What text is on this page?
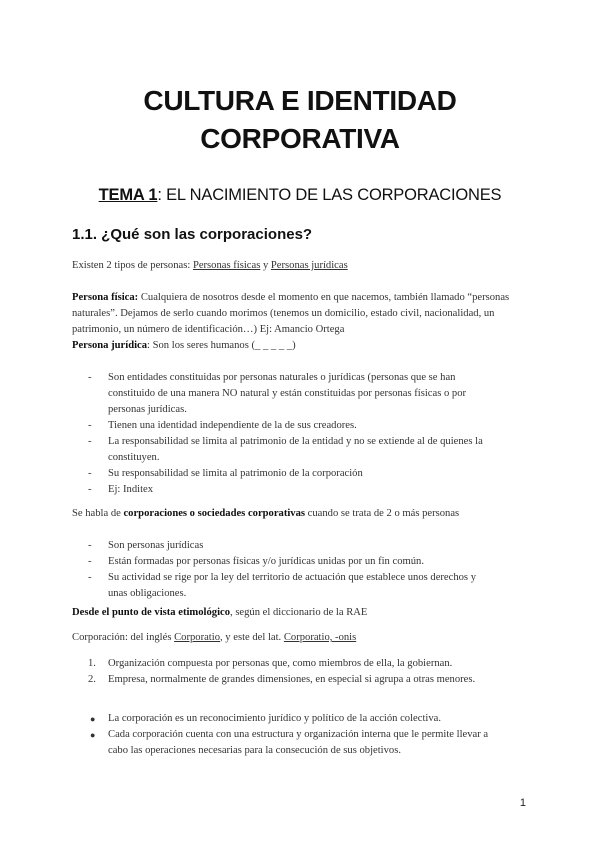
CULTURA E IDENTIDAD
CORPORATIVA
TEMA 1: EL NACIMIENTO DE LAS CORPORACIONES
1.1. ¿Qué son las corporaciones?
Existen 2 tipos de personas: Personas físicas y Personas jurídicas
Persona física: Cualquiera de nosotros desde el momento en que nacemos, también llamado “personas naturales”. Dejamos de serlo cuando morimos (tenemos un domicilio, estado civil, nacionalidad, un patrimonio, un número de identificación…) Ej: Amancio Ortega
Persona jurídica: Son los seres humanos (_ _ _ _ _)
- Son entidades constituidas por personas naturales o jurídicas (personas que se han constituido de una manera NO natural y están constituidas por personas físicas o por personas jurídicas.
- Tienen una identidad independiente de la de sus creadores.
- La responsabilidad se limita al patrimonio de la entidad y no se extiende al de quienes la constituyen.
- Su responsabilidad se limita al patrimonio de la corporación
- Ej: Inditex
Se habla de corporaciones o sociedades corporativas cuando se trata de 2 o más personas
- Son personas jurídicas
- Están formadas por personas físicas y/o jurídicas unidas por un fin común.
- Su actividad se rige por la ley del territorio de actuación que establece unos derechos y unas obligaciones.
Desde el punto de vista etimológico, según el diccionario de la RAE
Corporación: del inglés Corporatio, y este del lat. Corporatio, -onis
1. Organización compuesta por personas que, como miembros de ella, la gobiernan.
2. Empresa, normalmente de grandes dimensiones, en especial si agrupa a otras menores.
● La corporación es un reconocimiento jurídico y político de la acción colectiva.
● Cada corporación cuenta con una estructura y organización interna que le permite llevar a cabo las operaciones necesarias para la consecución de sus objetivos.
1
